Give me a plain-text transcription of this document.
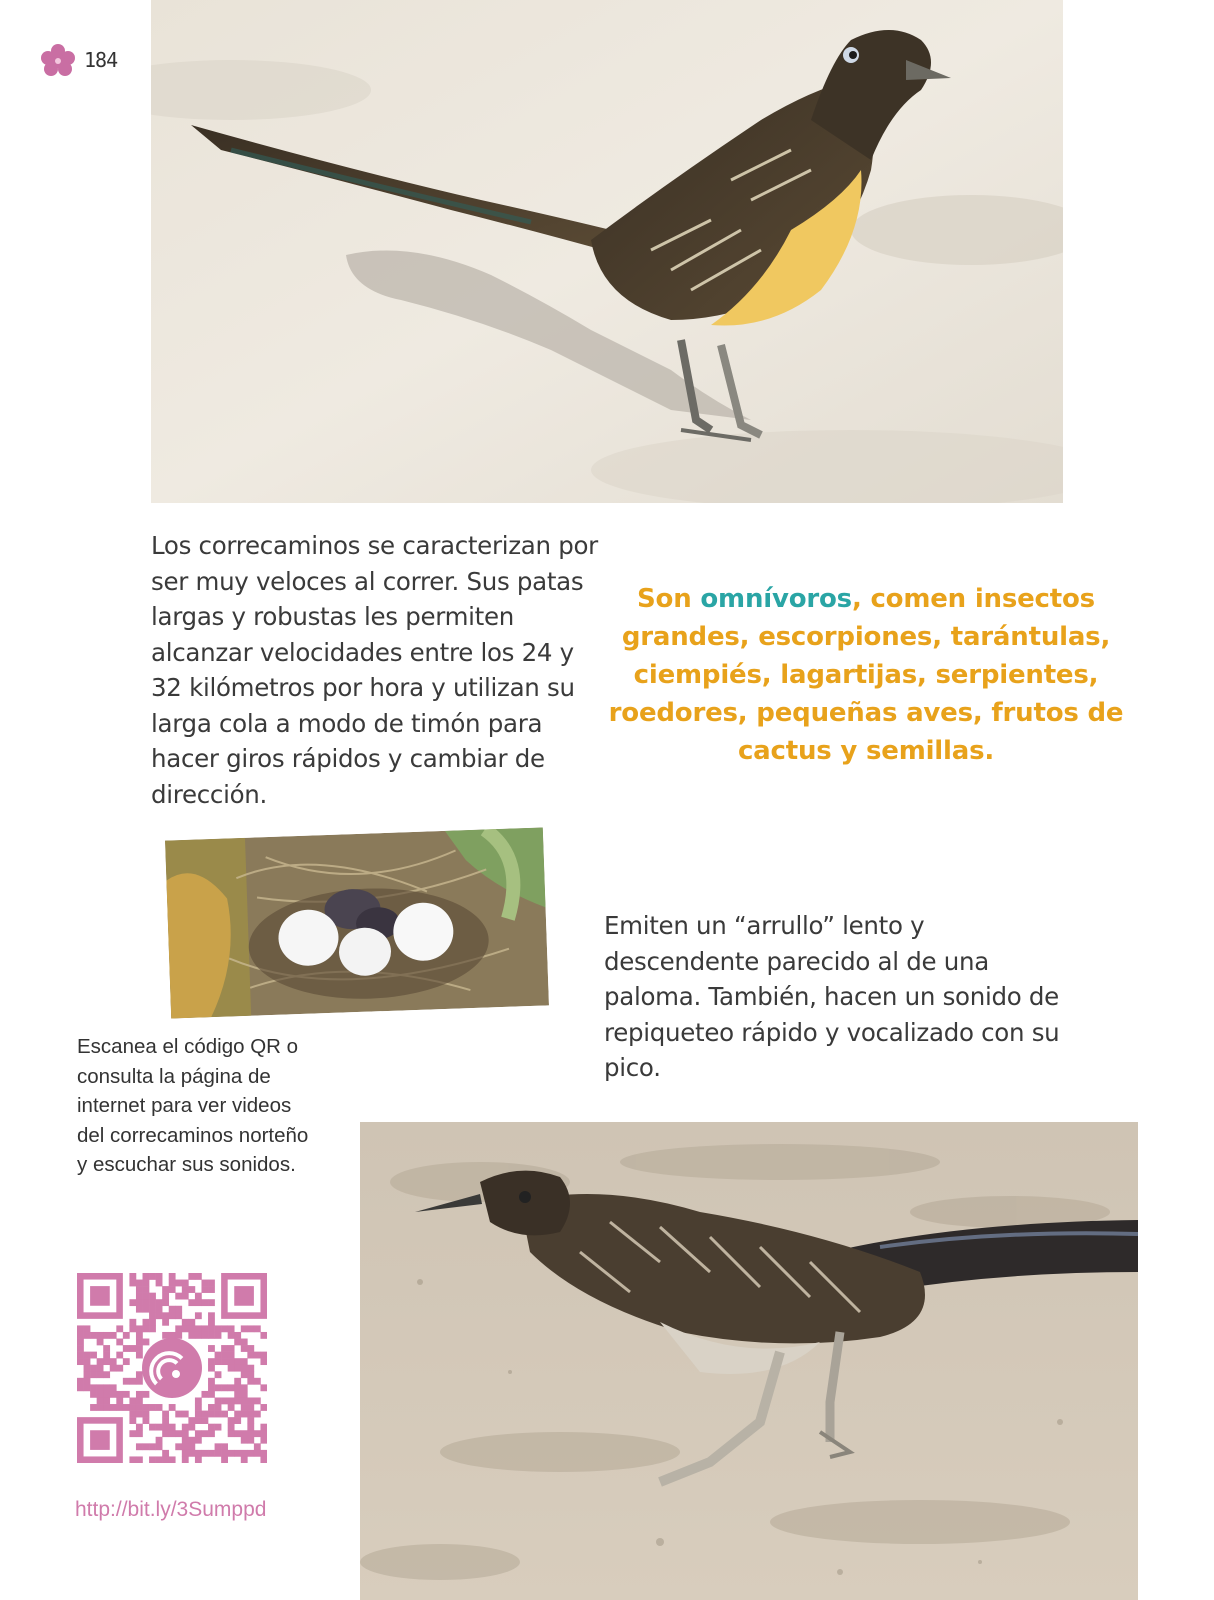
184
Los correcaminos se caracterizan por ser muy veloces al correr. Sus patas largas y robustas les permiten alcanzar velocidades entre los 24 y 32 kilómetros por hora y utilizan su larga cola a modo de timón para hacer giros rápidos y cambiar de dirección.
Son omnívoros, comen insectos grandes, escorpiones, tarántulas, ciempiés, lagartijas, serpientes, roedores, pequeñas aves, frutos de cactus y semillas.
Emiten un “arrullo” lento y descendente parecido al de una paloma. También, hacen un sonido de repiqueteo rápido y vocalizado con su pico.
Escanea el código QR o consulta la página de internet para ver videos del correcaminos norteño y escuchar sus sonidos.
http://bit.ly/3Sumppd
